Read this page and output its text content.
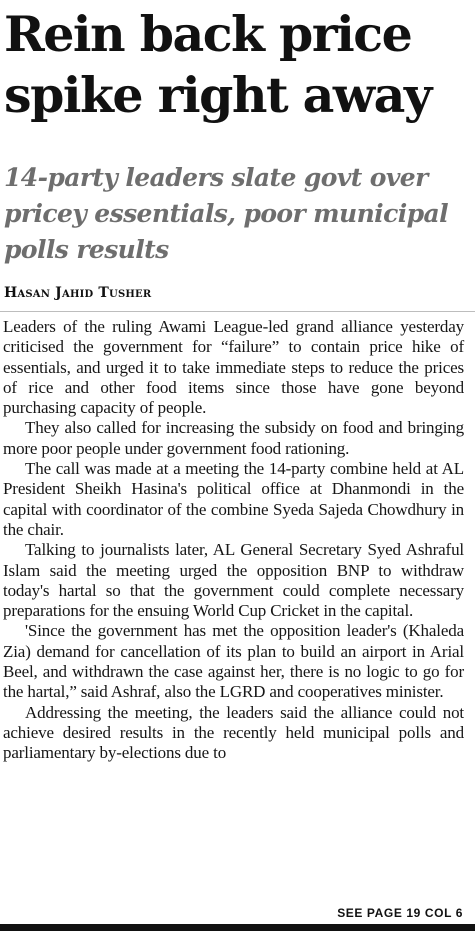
Rein back price spike right away
14-party leaders slate govt over pricey essentials, poor municipal polls results
Hasan Jahid Tusher

Leaders of the ruling Awami League-led grand alliance yesterday criticised the government for “failure” to contain price hike of essentials, and urged it to take immediate steps to reduce the prices of rice and other food items since those have gone beyond purchasing capacity of people.

They also called for increasing the subsidy on food and bringing more poor people under government food rationing.

The call was made at a meeting the 14-party combine held at AL President Sheikh Hasina's political office at Dhanmondi in the capital with coordinator of the combine Syeda Sajeda Chowdhury in the chair.

Talking to journalists later, AL General Secretary Syed Ashraful Islam said the meeting urged the opposition BNP to withdraw today's hartal so that the government could complete necessary preparations for the ensuing World Cup Cricket in the capital.

'Since the government has met the opposition leader's (Khaleda Zia) demand for cancellation of its plan to build an airport in Arial Beel, and withdrawn the case against her, there is no logic to go for the hartal,” said Ashraf, also the LGRD and cooperatives minister.

Addressing the meeting, the leaders said the alliance could not achieve desired results in the recently held municipal polls and parliamentary by-elections due to

SEE PAGE 19 COL 6
